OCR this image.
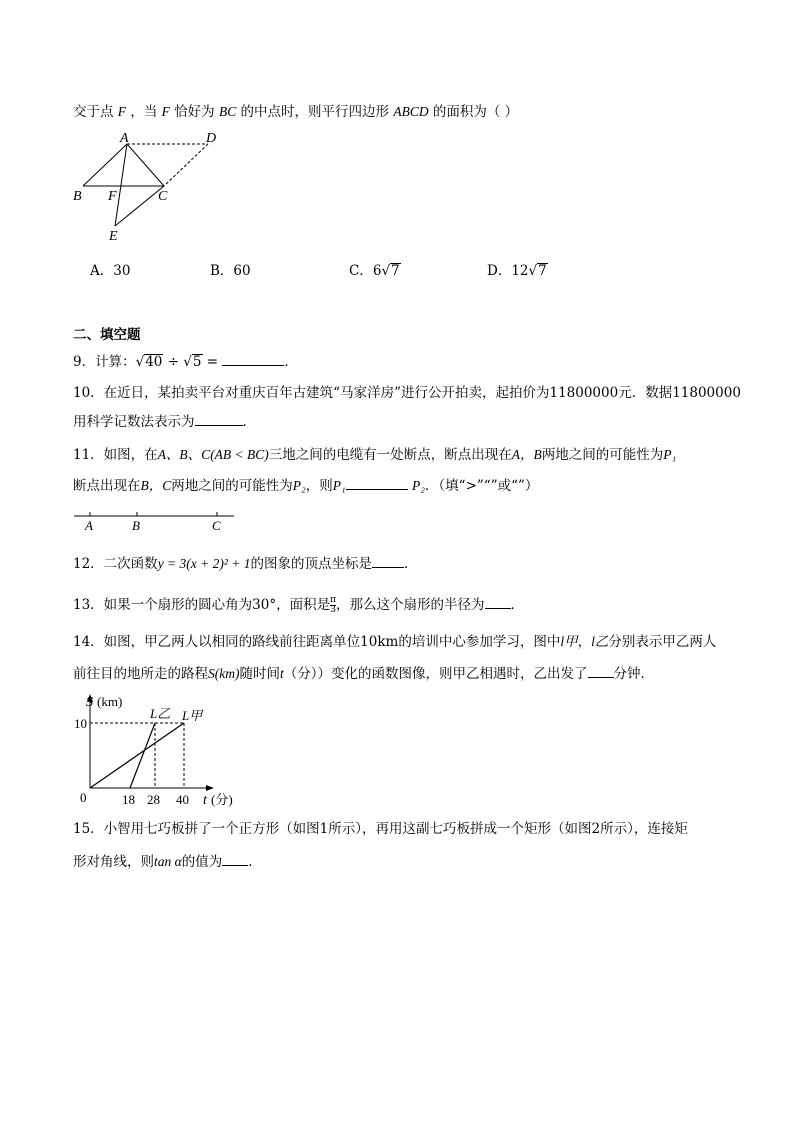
交于点 F ，当 F 恰好为 BC 的中点时，则平行四边形 ABCD 的面积为（ ）
A	D
B F	C
E
A．30	B．60	C．6√7	D．12√7
二、填空题
9．计算：√40 ÷ √5 =	．
10．在近日，某拍卖平台对重庆百年古建筑“马家洋房”进行公开拍卖，起拍价为11800000元．数据11800000
用科学记数法表示为	．
11．如图，在A、B、C(AB < BC)三地之间的电缆有一处断点，断点出现在A，B两地之间的可能性为P₁
断点出现在B，C两地之间的可能性为P₂，则P₁	P₂．（填“>”“”或“”）
A	B	C
12．二次函数y = 3(x + 2)² + 1的图象的顶点坐标是 ．
13．如果一个扇形的圆心角为30°，面积是 $\frac{\pi}{3}$ ，那么这个扇形的半径为 ．
14．如图，甲乙两人以相同的路线前往距离单位10km的培训中心参加学习，图中l甲，l乙分别表示甲乙两人
前往目的地所走的路程S(km)随时间t（分））变化的函数图像，则甲乙相遇时，乙出发了 分钟．
S (km)
10
0	18 28 40 t (分)
L乙 L甲
15．小智用七巧板拼了一个正方形（如图1所示），再用这副七巧板拼成一个矩形（如图2所示），连接矩
形对角线，则tan α的值为 ．
